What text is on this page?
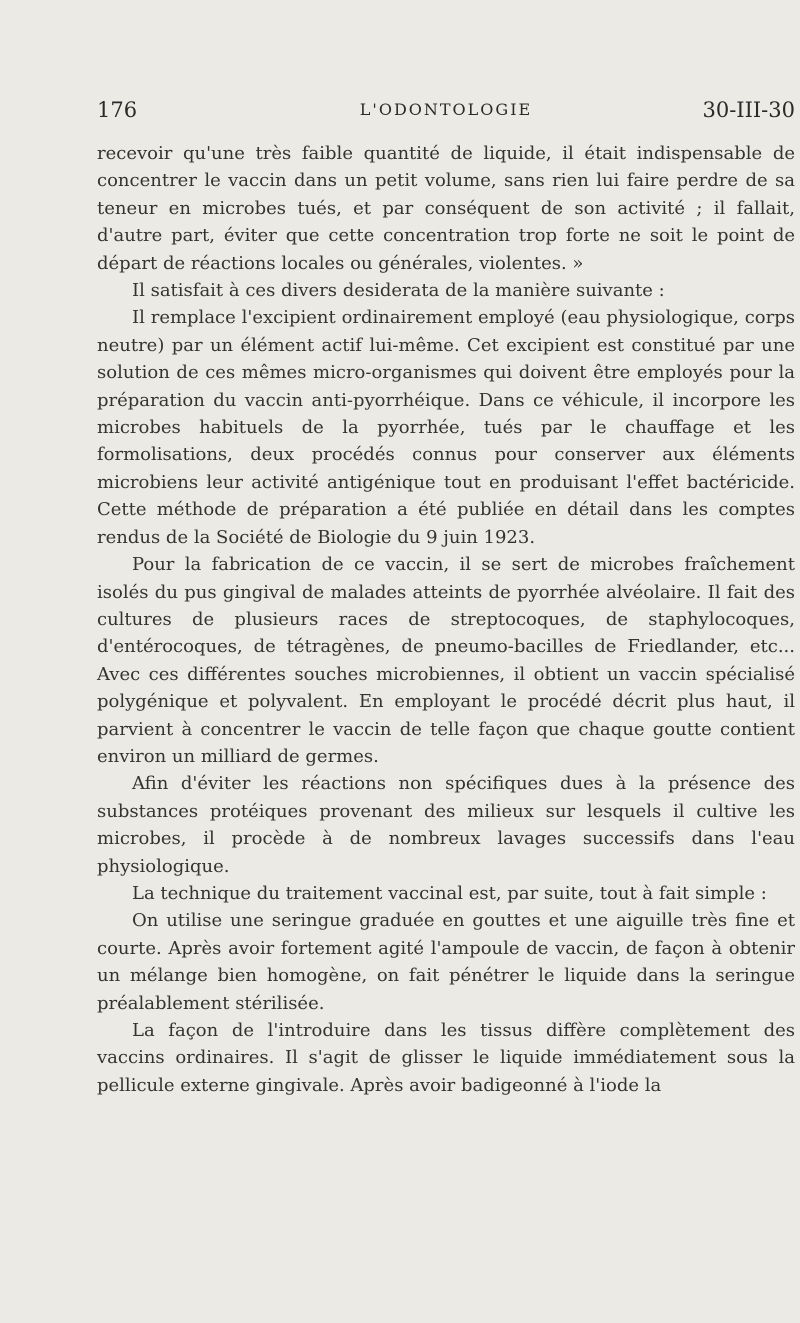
176	L'ODONTOLOGIE	30-III-30

recevoir qu'une très faible quantité de liquide, il était indispensable de concentrer le vaccin dans un petit volume, sans rien lui faire perdre de sa teneur en microbes tués, et par conséquent de son activité ; il fallait, d'autre part, éviter que cette concentration trop forte ne soit le point de départ de réactions locales ou générales, violentes. »

Il satisfait à ces divers desiderata de la manière suivante :

Il remplace l'excipient ordinairement employé (eau physiologique, corps neutre) par un élément actif lui-même. Cet excipient est constitué par une solution de ces mêmes micro-organismes qui doivent être employés pour la préparation du vaccin anti-pyorrhéique. Dans ce véhicule, il incorpore les microbes habituels de la pyorrhée, tués par le chauffage et les formolisations, deux procédés connus pour conserver aux éléments microbiens leur activité antigénique tout en produisant l'effet bactéricide. Cette méthode de préparation a été publiée en détail dans les comptes rendus de la Société de Biologie du 9 juin 1923.

Pour la fabrication de ce vaccin, il se sert de microbes fraîchement isolés du pus gingival de malades atteints de pyorrhée alvéolaire. Il fait des cultures de plusieurs races de streptocoques, de staphylocoques, d'entérocoques, de tétragènes, de pneumo-bacilles de Friedlander, etc... Avec ces différentes souches microbiennes, il obtient un vaccin spécialisé polygénique et polyvalent. En employant le procédé décrit plus haut, il parvient à concentrer le vaccin de telle façon que chaque goutte contient environ un milliard de germes.

Afin d'éviter les réactions non spécifiques dues à la présence des substances protéiques provenant des milieux sur lesquels il cultive les microbes, il procède à de nombreux lavages successifs dans l'eau physiologique.

La technique du traitement vaccinal est, par suite, tout à fait simple :

On utilise une seringue graduée en gouttes et une aiguille très fine et courte. Après avoir fortement agité l'ampoule de vaccin, de façon à obtenir un mélange bien homogène, on fait pénétrer le liquide dans la seringue préalablement stérilisée.

La façon de l'introduire dans les tissus diffère complètement des vaccins ordinaires. Il s'agit de glisser le liquide immédiatement sous la pellicule externe gingivale. Après avoir badigeonné à l'iode la
